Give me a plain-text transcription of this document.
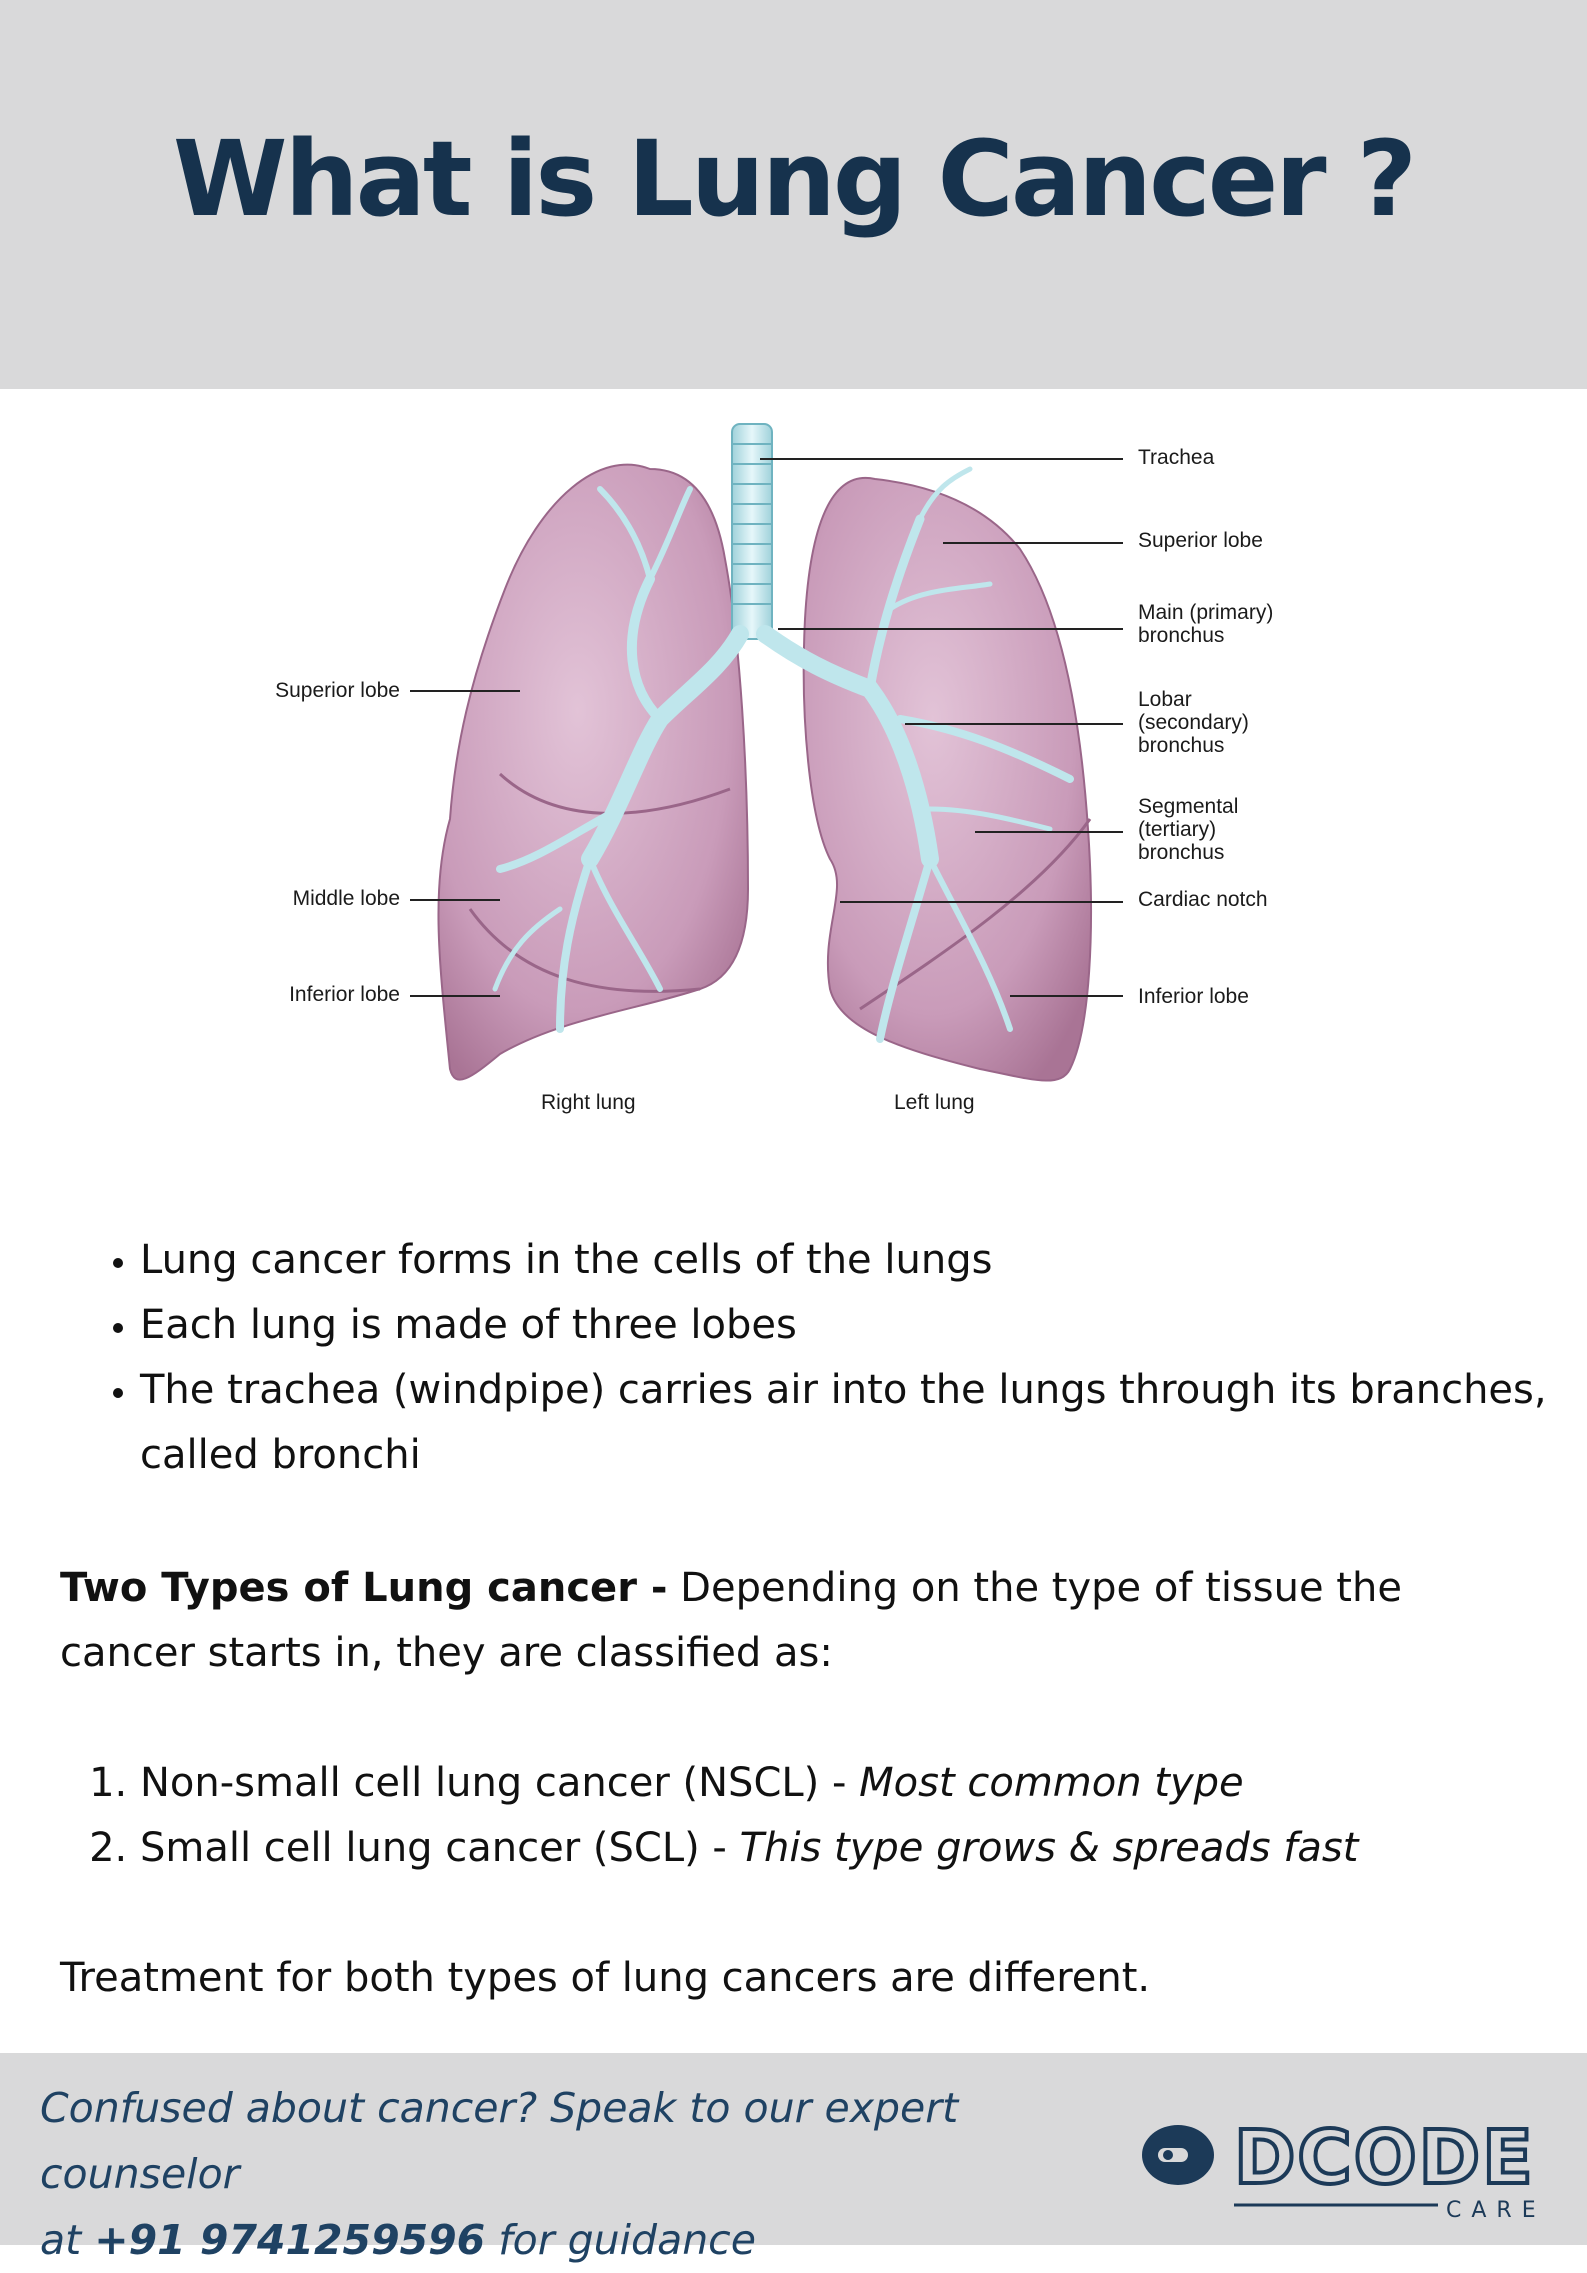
What is Lung Cancer ?
Trachea
Superior lobe
Main (primary)
bronchus
Lobar
(secondary)
bronchus
Segmental
(tertiary)
bronchus
Cardiac notch
Inferior lobe
Superior lobe
Middle lobe
Inferior lobe
Right lung	Left lung
• Lung cancer forms in the cells of the lungs
• Each lung is made of three lobes
• The trachea (windpipe) carries air into the lungs through its branches, called bronchi

Two Types of Lung cancer - Depending on the type of tissue the cancer starts in, they are classified as:

1. Non-small cell lung cancer (NSCL) - Most common type
2. Small cell lung cancer (SCL) - This type grows & spreads fast

Treatment for both types of lung cancers are different.

Confused about cancer? Speak to our expert counselor
at +91 9741259596 for guidance

DCODE
CARE
